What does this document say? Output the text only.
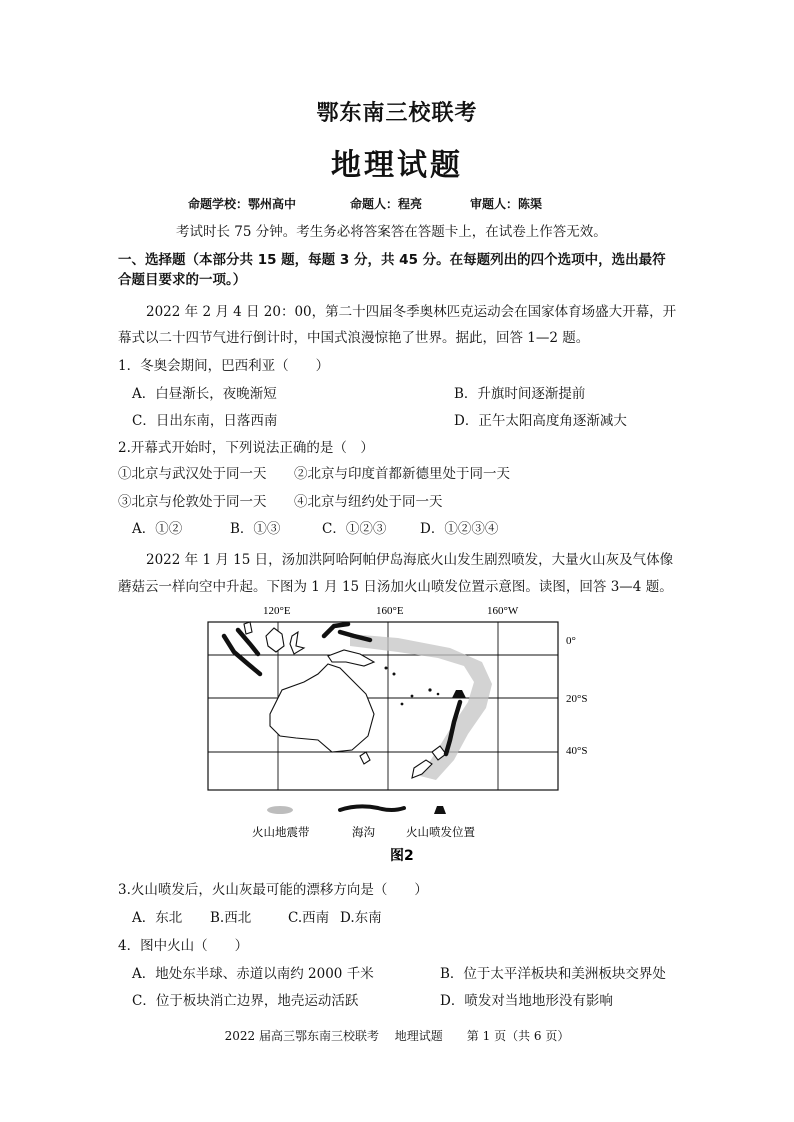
鄂东南三校联考
地理试题
命题学校：鄂州高中	命题人：程亮	审题人：陈渠
考试时长 75 分钟。考生务必将答案答在答题卡上，在试卷上作答无效。
一、选择题（本部分共 15 题，每题 3 分，共 45 分。在每题列出的四个选项中，选出最符
合题目要求的一项。）
2022 年 2 月 4 日 20：00，第二十四届冬季奥林匹克运动会在国家体育场盛大开幕，开
幕式以二十四节气进行倒计时，中国式浪漫惊艳了世界。据此，回答 1—2 题。
1．冬奥会期间，巴西利亚（　　）
A．白昼渐长，夜晚渐短	B．升旗时间逐渐提前
C．日出东南，日落西南	D．正午太阳高度角逐渐减大
2.开幕式开始时，下列说法正确的是（　）
①北京与武汉处于同一天 ②北京与印度首都新德里处于同一天
③北京与伦敦处于同一天 ④北京与纽约处于同一天
A．①②	B．①③	C．①②③ D．①②③④
2022 年 1 月 15 日，汤加洪阿哈阿帕伊岛海底火山发生剧烈喷发，大量火山灰及气体像
蘑菇云一样向空中升起。下图为 1 月 15 日汤加火山喷发位置示意图。读图，回答 3—4 题。
120°E	160°E	160°W
0°
20°S
40°S
火山地震带	海沟	火山喷发位置
图2
3.火山喷发后，火山灰最可能的漂移方向是（　　）
A．东北 B.西北	C.西南 D.东南
4．图中火山（　　）
A．地处东半球、赤道以南约 2000 千米	B．位于太平洋板块和美洲板块交界处
C．位于板块消亡边界，地壳运动活跃	D．喷发对当地地形没有影响
2022 届高三鄂东南三校联考　 地理试题　　第 1 页（共 6 页）
